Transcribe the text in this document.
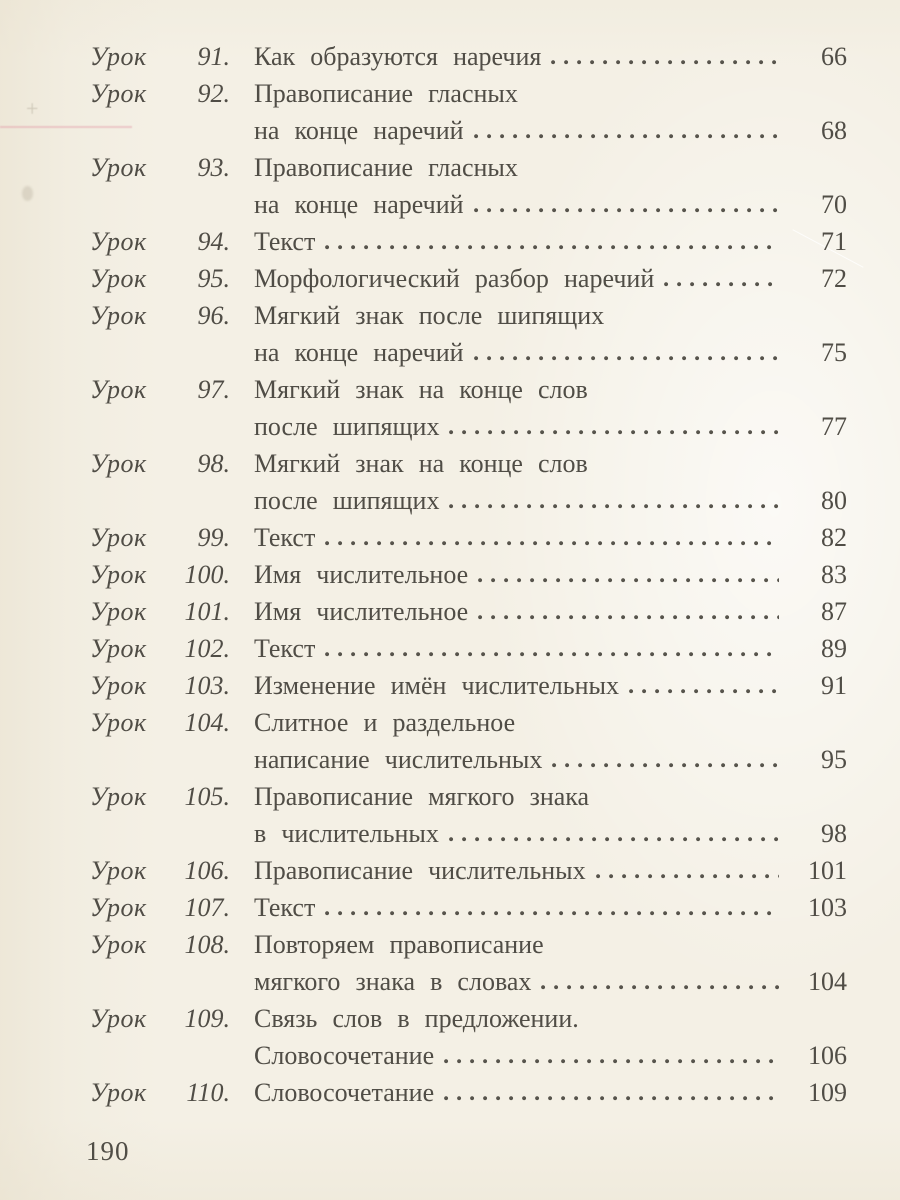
+
Урок	91. Как образуются наречия	66
Урок	92. Правописание гласных
на конце наречий	68
Урок	93. Правописание гласных
на конце наречий	70
Урок	94. Текст	71
Урок	95. Морфологический разбор наречий	72
Урок	96. Мягкий знак после шипящих
на конце наречий	75
Урок	97. Мягкий знак на конце слов
после шипящих	77
Урок	98. Мягкий знак на конце слов
после шипящих	80
Урок	99. Текст	82
Урок	100. Имя числительное	83
Урок	101. Имя числительное	87
Урок	102. Текст	89
Урок	103. Изменение имён числительных	91
Урок	104. Слитное и раздельное
написание числительных	95
Урок	105. Правописание мягкого знака
в числительных	98
Урок	106. Правописание числительных	101
Урок	107. Текст	103
Урок	108. Повторяем правописание
мягкого знака в словах	104
Урок	109. Связь слов в предложении.
Словосочетание	106
Урок	110. Словосочетание	109
190
